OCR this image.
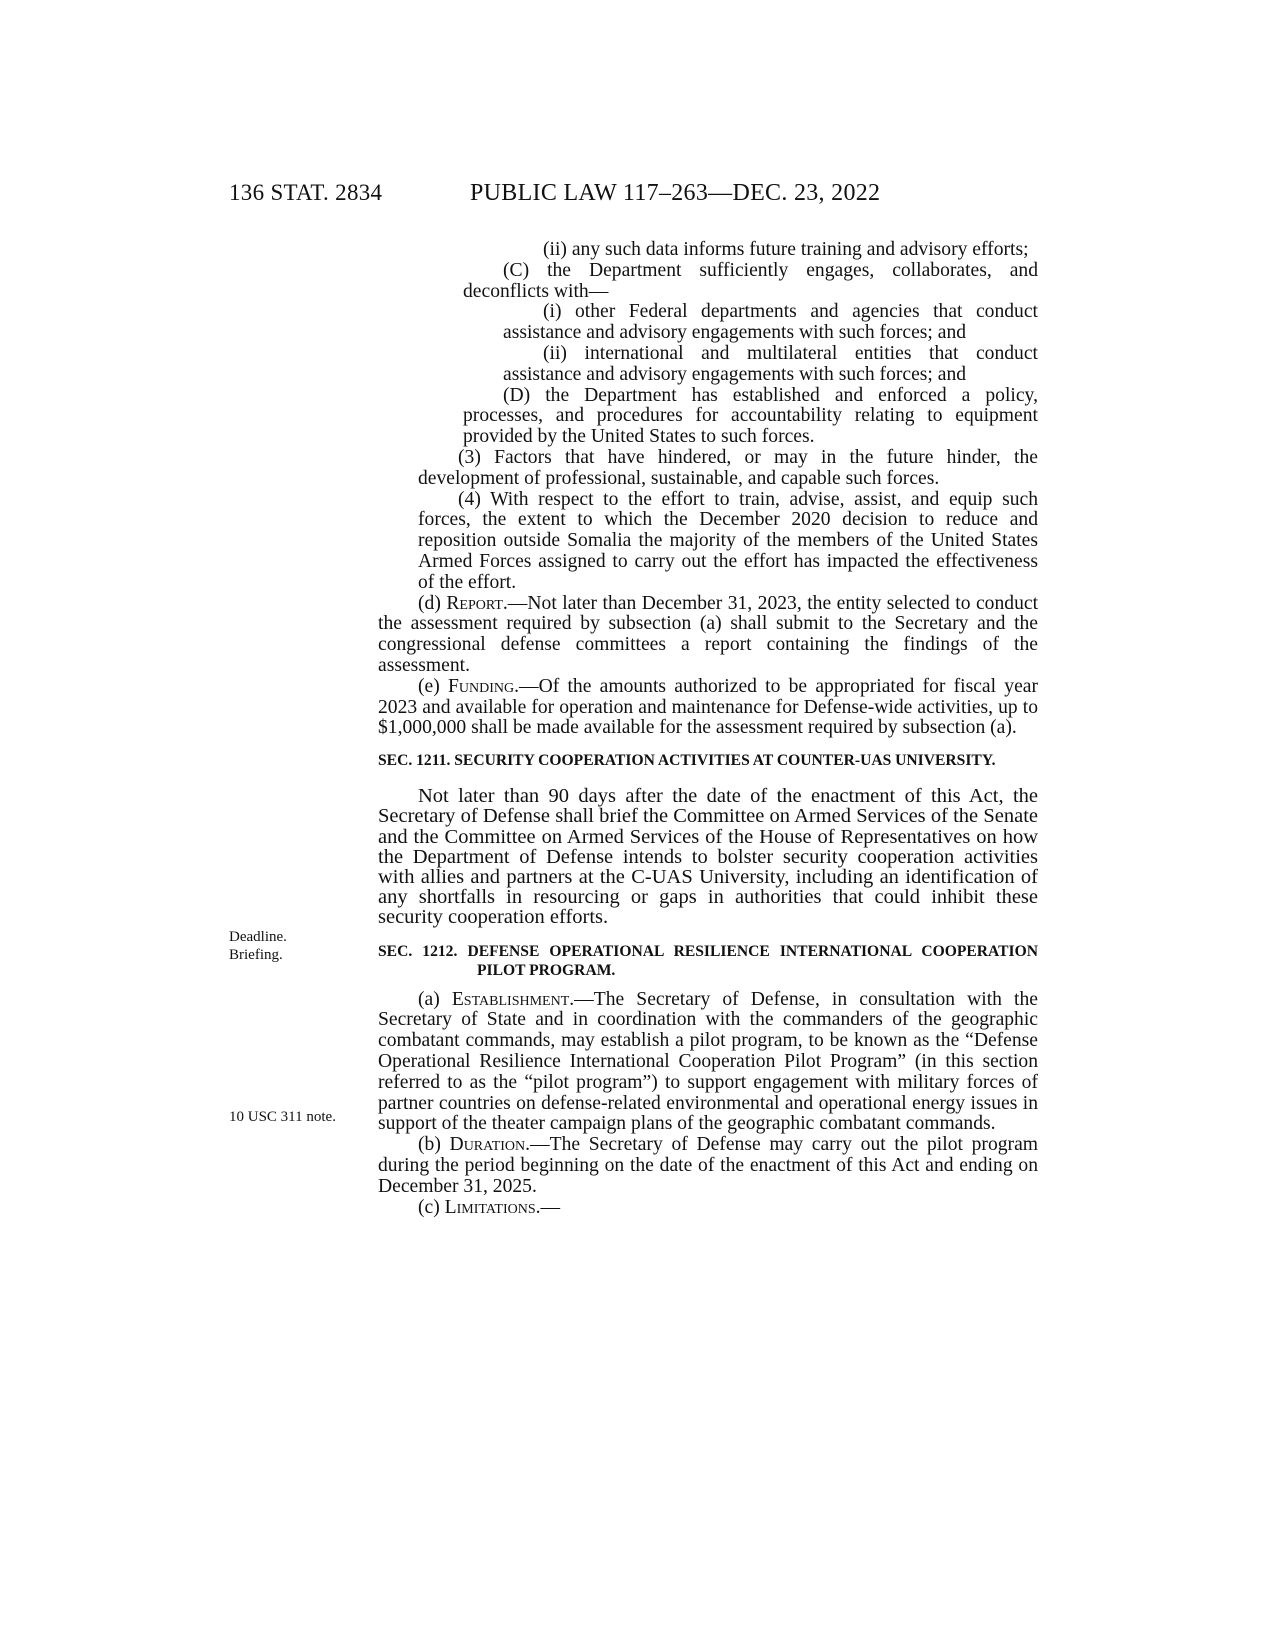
136 STAT. 2834	PUBLIC LAW 117–263—DEC. 23, 2022
Deadline.
Briefing.
10 USC 311 note.

(ii) any such data informs future training and advisory efforts;

(C) the Department sufficiently engages, collaborates, and deconflicts with—

(i) other Federal departments and agencies that conduct assistance and advisory engagements with such forces; and

(ii) international and multilateral entities that conduct assistance and advisory engagements with such forces; and

(D) the Department has established and enforced a policy, processes, and procedures for accountability relating to equipment provided by the United States to such forces.

(3) Factors that have hindered, or may in the future hinder, the development of professional, sustainable, and capable such forces.

(4) With respect to the effort to train, advise, assist, and equip such forces, the extent to which the December 2020 decision to reduce and reposition outside Somalia the majority of the members of the United States Armed Forces assigned to carry out the effort has impacted the effectiveness of the effort.

(d) Report.—Not later than December 31, 2023, the entity selected to conduct the assessment required by subsection (a) shall submit to the Secretary and the congressional defense committees a report containing the findings of the assessment.

(e) Funding.—Of the amounts authorized to be appropriated for fiscal year 2023 and available for operation and maintenance for Defense-wide activities, up to $1,000,000 shall be made available for the assessment required by subsection (a).

SEC. 1211. SECURITY COOPERATION ACTIVITIES AT COUNTER-UAS UNIVERSITY.

Not later than 90 days after the date of the enactment of this Act, the Secretary of Defense shall brief the Committee on Armed Services of the Senate and the Committee on Armed Services of the House of Representatives on how the Department of Defense intends to bolster security cooperation activities with allies and partners at the C-UAS University, including an identification of any shortfalls in resourcing or gaps in authorities that could inhibit these security cooperation efforts.

SEC. 1212. DEFENSE OPERATIONAL RESILIENCE INTERNATIONAL COOPERATION PILOT PROGRAM.

(a) Establishment.—The Secretary of Defense, in consultation with the Secretary of State and in coordination with the commanders of the geographic combatant commands, may establish a pilot program, to be known as the “Defense Operational Resilience International Cooperation Pilot Program” (in this section referred to as the “pilot program”) to support engagement with military forces of partner countries on defense-related environmental and operational energy issues in support of the theater campaign plans of the geographic combatant commands.

(b) Duration.—The Secretary of Defense may carry out the pilot program during the period beginning on the date of the enactment of this Act and ending on December 31, 2025.

(c) Limitations.—
